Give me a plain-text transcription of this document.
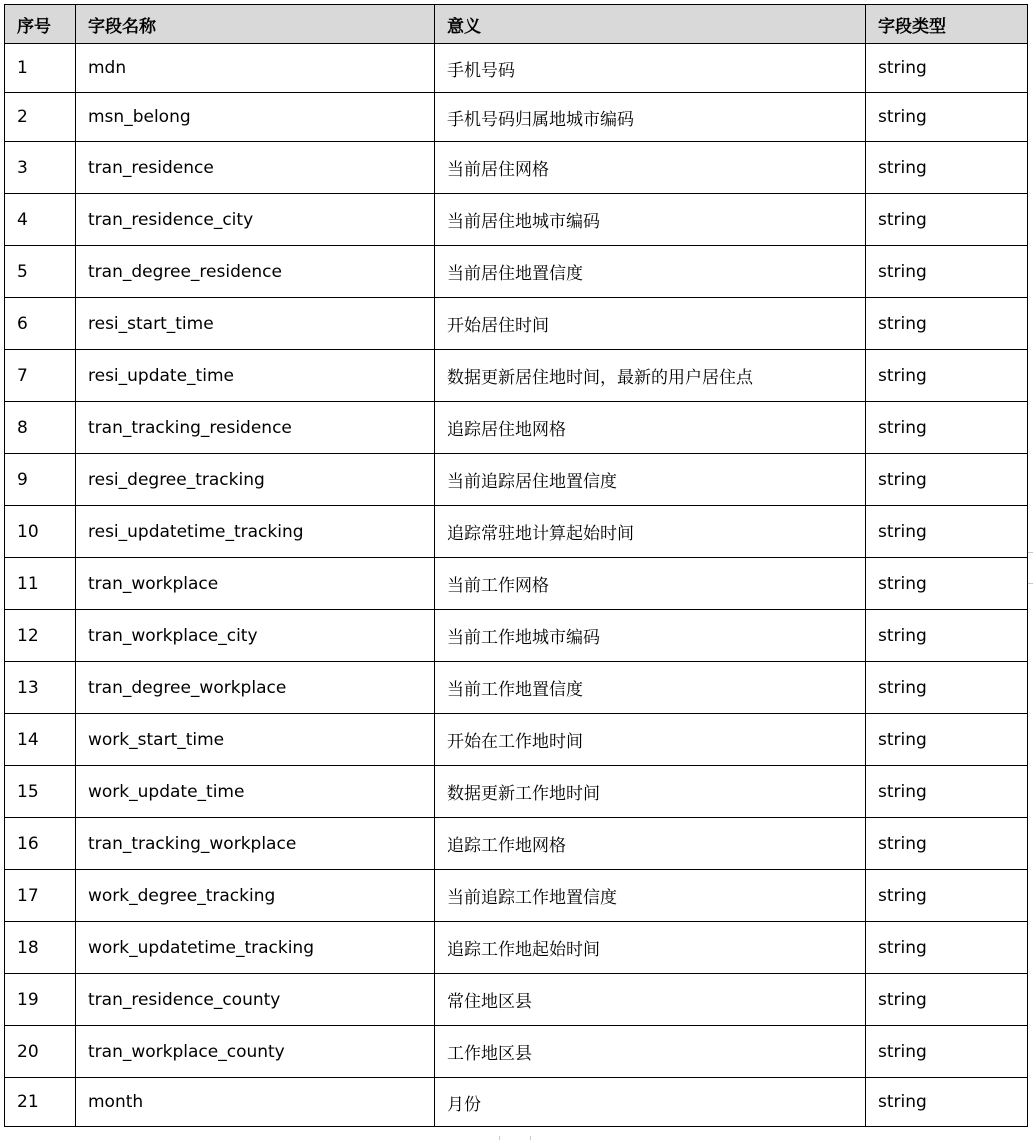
序号	字段名称	意义	字段类型
1	mdn	手机号码	string
2	msn_belong	手机号码归属地城市编码	string
3	tran_residence	当前居住网格	string
4	tran_residence_city	当前居住地城市编码	string
5	tran_degree_residence	当前居住地置信度	string
6	resi_start_time	开始居住时间	string
7	resi_update_time	数据更新居住地时间，最新的用户居住点	string
8	tran_tracking_residence	追踪居住地网格	string
9	resi_degree_tracking	当前追踪居住地置信度	string
10	resi_updatetime_tracking	追踪常驻地计算起始时间	string
11	tran_workplace	当前工作网格	string
12	tran_workplace_city	当前工作地城市编码	string
13	tran_degree_workplace	当前工作地置信度	string
14	work_start_time	开始在工作地时间	string
15	work_update_time	数据更新工作地时间	string
16	tran_tracking_workplace	追踪工作地网格	string
17	work_degree_tracking	当前追踪工作地置信度	string
18	work_updatetime_tracking	追踪工作地起始时间	string
19	tran_residence_county	常住地区县	string
20	tran_workplace_county	工作地区县	string
21	month	月份	string
